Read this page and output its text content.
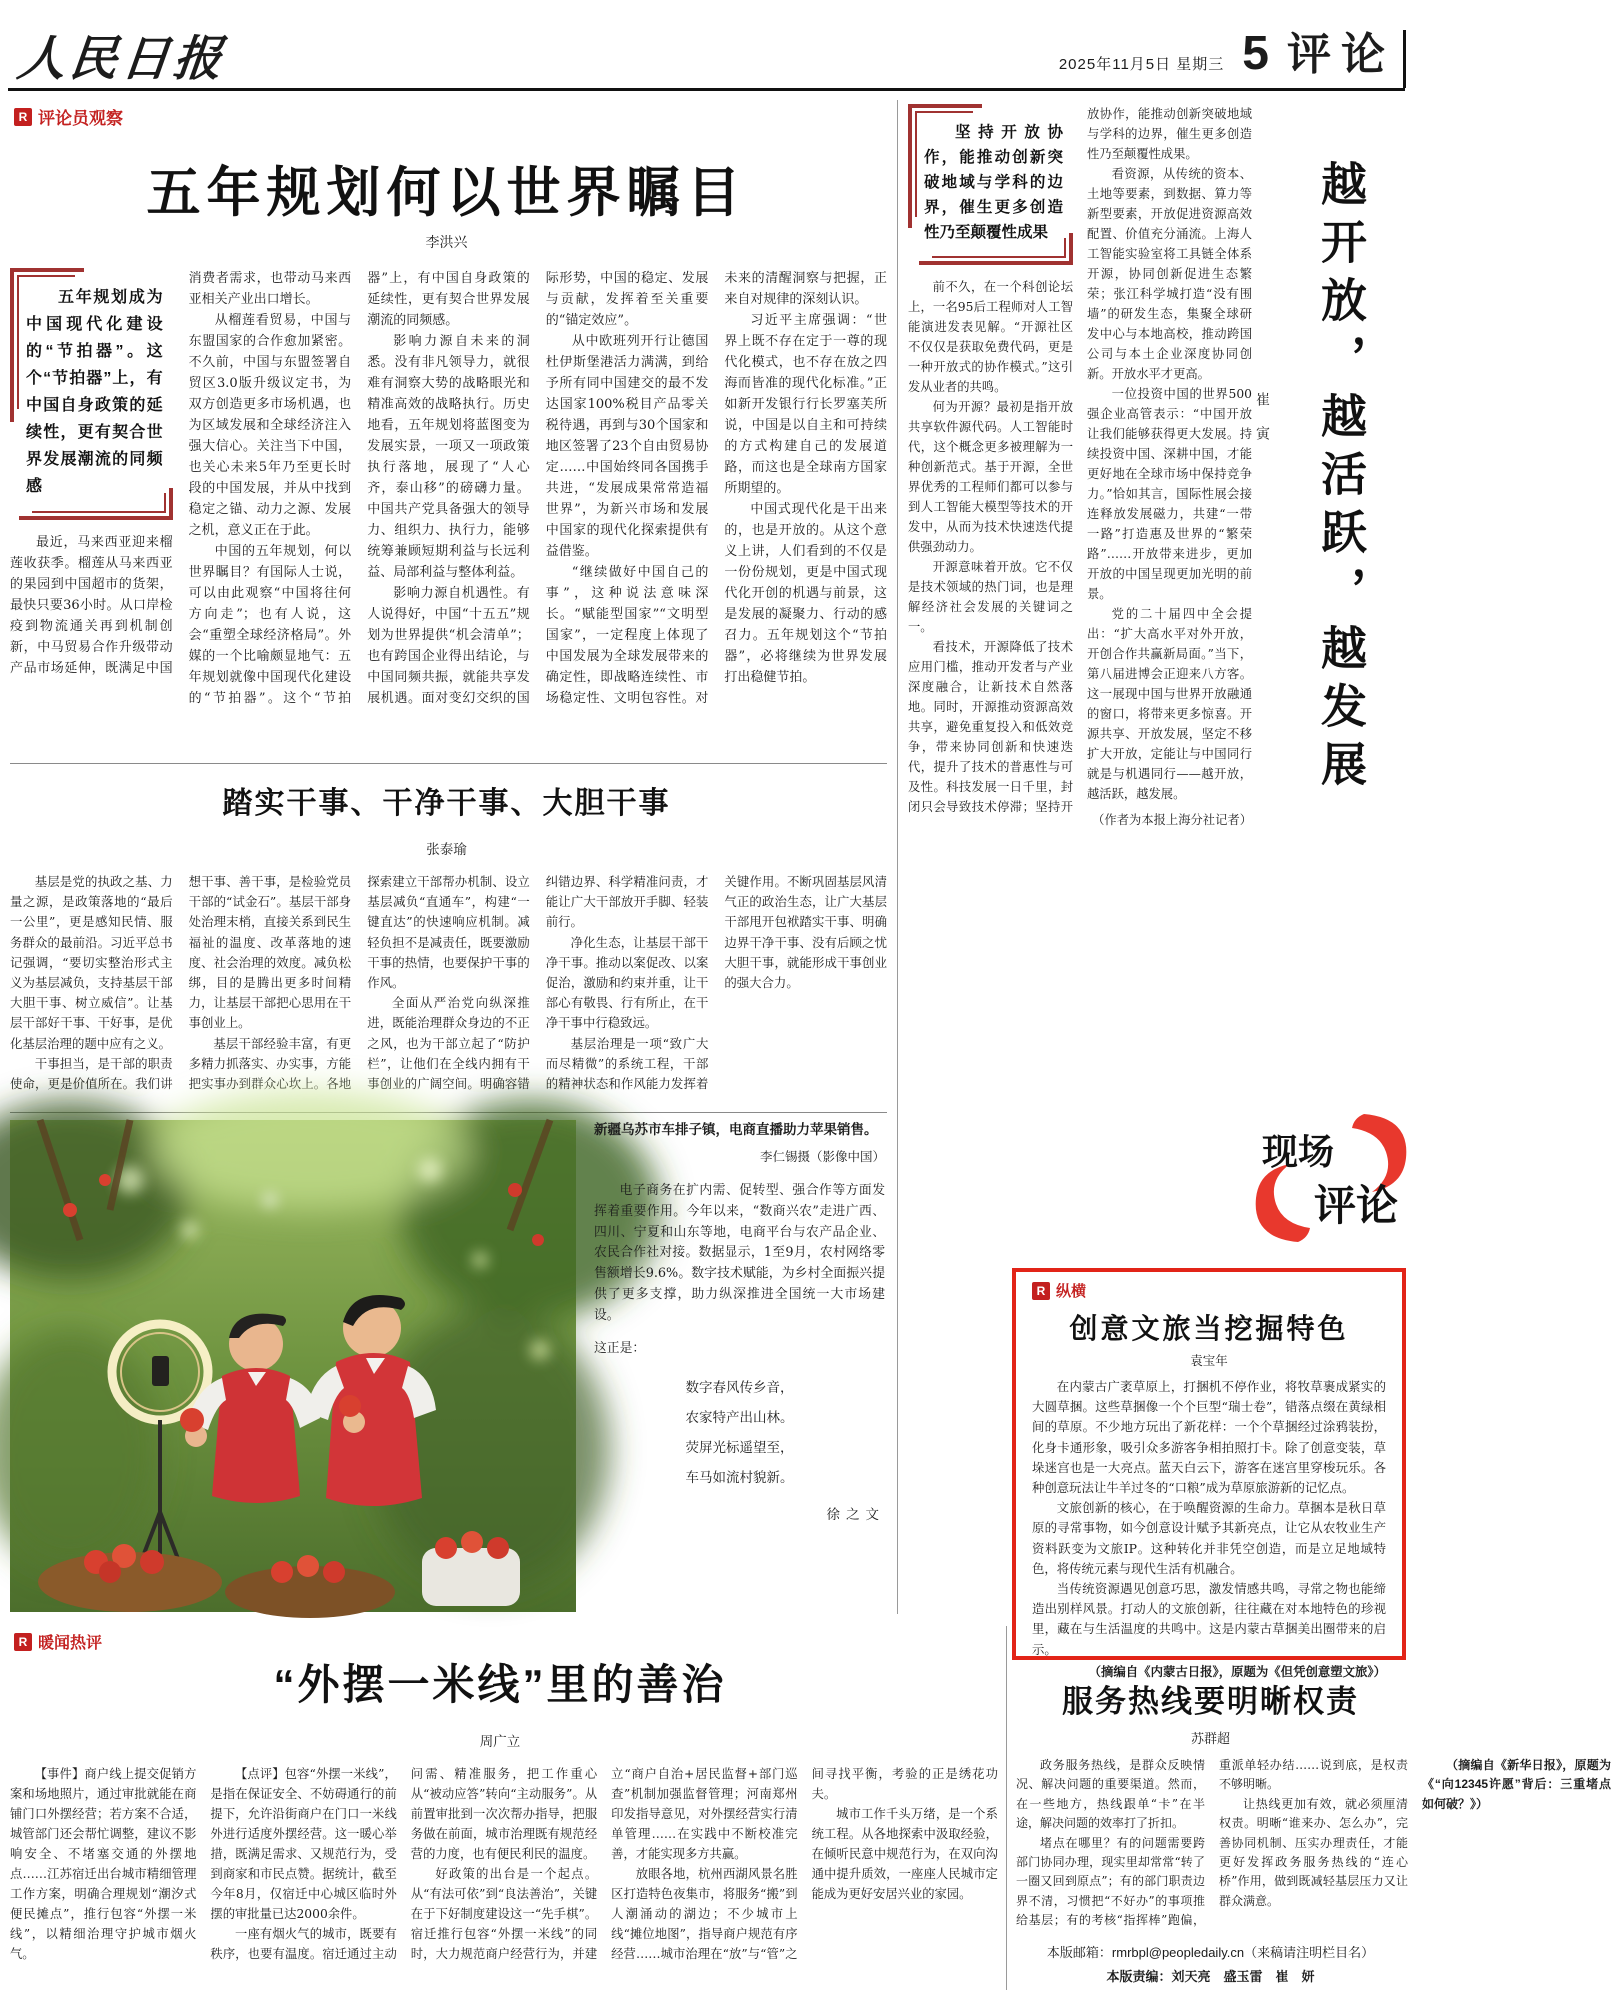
人民日报	2025年11月5日 星期三 5 评论
R 评论员观察
五年规划何以世界瞩目
李洪兴

五年规划成为中国现代化建设的“节拍器”。这个“节拍器”上，有中国自身政策的延续性，更有契合世界发展潮流的同频感

最近，马来西亚迎来榴莲收获季。榴莲从马来西亚的果园到中国超市的货架，最快只要36小时。从口岸检疫到物流通关再到机制创新，中马贸易合作升级带动产品市场延伸，既满足中国消费者需求，也带动马来西亚相关产业出口增长。

从榴莲看贸易，中国与东盟国家的合作愈加紧密。不久前，中国与东盟签署自贸区3.0版升级议定书，为双方创造更多市场机遇，也为区域发展和全球经济注入强大信心。关注当下中国，也关心未来5年乃至更长时段的中国发展，并从中找到稳定之锚、动力之源、发展之机，意义正在于此。

中国的五年规划，何以世界瞩目？有国际人士说，可以由此观察“中国将往何方向走”；也有人说，这会“重塑全球经济格局”。外媒的一个比喻颇显地气：五年规划就像中国现代化建设的“节拍器”。这个“节拍器”上，有中国自身政策的延续性，更有契合世界发展潮流的同频感。

影响力源自未来的洞悉。没有非凡领导力，就很难有洞察大势的战略眼光和精准高效的战略执行。历史地看，五年规划将蓝图变为发展实景，一项又一项政策执行落地，展现了“人心齐，泰山移”的磅礴力量。中国共产党具备强大的领导力、组织力、执行力，能够统筹兼顾短期利益与长远利益、局部利益与整体利益。

影响力源自机遇性。有人说得好，中国“十五五”规划为世界提供“机会清单”；也有跨国企业得出结论，与中国同频共振，就能共享发展机遇。面对变幻交织的国际形势，中国的稳定、发展与贡献，发挥着至关重要的“锚定效应”。

从中欧班列开行让德国杜伊斯堡港活力满满，到给予所有同中国建交的最不发达国家100%税目产品零关税待遇，再到与30个国家和地区签署了23个自由贸易协定……中国始终同各国携手共进，“发展成果常常造福世界”，为新兴市场和发展中国家的现代化探索提供有益借鉴。

“继续做好中国自己的事”，这种说法意味深长。“赋能型国家”“文明型国家”，一定程度上体现了中国发展为全球发展带来的确定性，即战略连续性、市场稳定性、文明包容性。对未来的清醒洞察与把握，正来自对规律的深刻认识。

习近平主席强调：“世界上既不存在定于一尊的现代化模式，也不存在放之四海而皆准的现代化标准。”正如新开发银行行长罗塞芙所说，中国是以自主和可持续的方式构建自己的发展道路，而这也是全球南方国家所期望的。

中国式现代化是干出来的，也是开放的。从这个意义上讲，人们看到的不仅是一份份规划，更是中国式现代化开创的机遇与前景，这是发展的凝聚力、行动的感召力。五年规划这个“节拍器”，必将继续为世界发展打出稳健节拍。

踏实干事、干净干事、大胆干事
张泰瑜

基层是党的执政之基、力量之源，是政策落地的“最后一公里”，更是感知民情、服务群众的最前沿。习近平总书记强调，“要切实整治形式主义为基层减负，支持基层干部大胆干事、树立威信”。让基层干部好干事、干好事，是优化基层治理的题中应有之义。

干事担当，是干部的职责使命，更是价值所在。我们讲想干事、善干事，是检验党员干部的“试金石”。基层干部身处治理末梢，直接关系到民生福祉的温度、改革落地的速度、社会治理的效度。减负松绑，目的是腾出更多时间精力，让基层干部把心思用在干事创业上。

基层干部经验丰富，有更多精力抓落实、办实事，方能把实事办到群众心坎上。各地探索建立干部帮办机制、设立基层减负“直通车”，构建“一键直达”的快速响应机制。减轻负担不是减责任，既要激励干事的热情，也要保护干事的作风。

全面从严治党向纵深推进，既能治理群众身边的不正之风，也为干部立起了“防护栏”，让他们在全线内拥有干事创业的广阔空间。明确容错纠错边界、科学精准问责，才能让广大干部放开手脚、轻装前行。

净化生态，让基层干部干净干事。推动以案促改、以案促治，激励和约束并重，让干部心有敬畏、行有所止，在干净干事中行稳致远。

基层治理是一项“致广大而尽精微”的系统工程，干部的精神状态和作风能力发挥着关键作用。不断巩固基层风清气正的政治生态，让广大基层干部甩开包袱踏实干事、明确边界干净干事、没有后顾之忧大胆干事，就能形成干事创业的强大合力。

新疆乌苏市车排子镇，电商直播助力苹果销售。

李仁锡摄（影像中国）

电子商务在扩内需、促转型、强合作等方面发挥着重要作用。今年以来，“数商兴农”走进广西、四川、宁夏和山东等地，电商平台与农产品企业、农民合作社对接。数据显示，1至9月，农村网络零售额增长9.6%。数字技术赋能，为乡村全面振兴提供了更多支撑，助力纵深推进全国统一大市场建设。

这正是：

数字春风传乡音，
农家特产出山林。
荧屏光标遥望至，
车马如流村貌新。
徐之文

坚持开放协作，能推动创新突破地域与学科的边界，催生更多创造性乃至颠覆性成果

前不久，在一个科创论坛上，一名95后工程师对人工智能演进发表见解。“开源社区不仅仅是获取免费代码，更是一种开放式的协作模式。”这引发从业者的共鸣。

何为开源？最初是指开放共享软件源代码。人工智能时代，这个概念更多被理解为一种创新范式。基于开源，全世界优秀的工程师们都可以参与到人工智能大模型等技术的开发中，从而为技术快速迭代提供强劲动力。

开源意味着开放。它不仅是技术领域的热门词，也是理解经济社会发展的关键词之一。

看技术，开源降低了技术应用门槛，推动开发者与产业深度融合，让新技术自然落地。同时，开源推动资源高效共享，避免重复投入和低效竞争，带来协同创新和快速迭代，提升了技术的普惠性与可及性。科技发展一日千里，封闭只会导致技术停滞；坚持开放协作，能推动创新突破地域与学科的边界，催生更多创造性乃至颠覆性成果。

看资源，从传统的资本、土地等要素，到数据、算力等新型要素，开放促进资源高效配置、价值充分涌流。上海人工智能实验室将工具链全体系开源，协同创新促进生态繁荣；张江科学城打造“没有围墙”的研发生态，集聚全球研发中心与本地高校，推动跨国公司与本土企业深度协同创新。开放水平才更高。

一位投资中国的世界500强企业高管表示：“中国开放让我们能够获得更大发展。持续投资中国、深耕中国，才能更好地在全球市场中保持竞争力。”恰如其言，国际性展会接连释放发展磁力，共建“一带一路”打造惠及世界的“繁荣路”……开放带来进步，更加开放的中国呈现更加光明的前景。

党的二十届四中全会提出：“扩大高水平对外开放，开创合作共赢新局面。”当下，第八届进博会正迎来八方客。这一展现中国与世界开放融通的窗口，将带来更多惊喜。开源共享、开放发展，坚定不移扩大开放，定能让与中国同行就是与机遇同行——越开放，越活跃，越发展。

（作者为本报上海分社记者）

崔寅 越开放，越活跃，越发展
现场
评论
R 纵横
创意文旅当挖掘特色
袁宝年

在内蒙古广袤草原上，打捆机不停作业，将牧草裹成紧实的大圆草捆。这些草捆像一个个巨型“瑞士卷”，错落点缀在黄绿相间的草原。不少地方玩出了新花样：一个个草捆经过涂鸦装扮，化身卡通形象，吸引众多游客争相拍照打卡。除了创意变装，草垛迷宫也是一大亮点。蓝天白云下，游客在迷宫里穿梭玩乐。各种创意玩法让牛羊过冬的“口粮”成为草原旅游新的记忆点。

文旅创新的核心，在于唤醒资源的生命力。草捆本是秋日草原的寻常事物，如今创意设计赋予其新亮点，让它从农牧业生产资料跃变为文旅IP。这种转化并非凭空创造，而是立足地域特色，将传统元素与现代生活有机融合。

当传统资源遇见创意巧思，激发情感共鸣，寻常之物也能缔造出别样风景。打动人的文旅创新，往往藏在对本地特色的珍视里，藏在与生活温度的共鸣中。这是内蒙古草捆美出圈带来的启示。

（摘编自《内蒙古日报》，原题为《但凭创意塑文旅》）
服务热线要明晰权责
苏群超

政务服务热线，是群众反映情况、解决问题的重要渠道。然而，在一些地方，热线跟单“卡”在半途，解决问题的效率打了折扣。

堵点在哪里？有的问题需要跨部门协同办理，现实里却常常“转了一圈又回到原点”；有的部门职责边界不清，习惯把“不好办”的事项推给基层；有的考核“指挥棒”跑偏，重派单轻办结……说到底，是权责不够明晰。

让热线更加有效，就必须厘清权责。明晰“谁来办、怎么办”，完善协同机制、压实办理责任，才能更好发挥政务服务热线的“连心桥”作用，做到既减轻基层压力又让群众满意。

（摘编自《新华日报》，原题为《“向12345许愿”背后：三重堵点如何破？》）

本版邮箱：rmrbpl@peopledaily.cn（来稿请注明栏目名）
本版责编：刘天亮　盛玉雷　崔　妍
R 暖闻热评
“外摆一米线”里的善治
周广立

【事件】商户线上提交促销方案和场地照片，通过审批就能在商铺门口外摆经营；若方案不合适，城管部门还会帮忙调整，建议不影响安全、不堵塞交通的外摆地点……江苏宿迁出台城市精细管理工作方案，明确合理规划“潮汐式便民摊点”，推行包容“外摆一米线”，以精细治理守护城市烟火气。

【点评】包容“外摆一米线”，是指在保证安全、不妨碍通行的前提下，允许沿街商户在门口一米线外进行适度外摆经营。这一暖心举措，既满足需求、又规范行为，受到商家和市民点赞。据统计，截至今年8月，仅宿迁中心城区临时外摆的审批量已达2000余件。

一座有烟火气的城市，既要有秩序，也要有温度。宿迁通过主动问需、精准服务，把工作重心从“被动应答”转向“主动服务”。从前置审批到一次次帮办指导，把服务做在前面，城市治理既有规范经营的力度，也有便民利民的温度。

好政策的出台是一个起点。从“有法可依”到“良法善治”，关键在于下好制度建设这一“先手棋”。宿迁推行包容“外摆一米线”的同时，大力规范商户经营行为，并建立“商户自治+居民监督+部门巡查”机制加强监督管理；河南郑州印发指导意见，对外摆经营实行清单管理……在实践中不断校准完善，才能实现多方共赢。

放眼各地，杭州西湖风景名胜区打造特色夜集市，将服务“搬”到人潮涌动的湖边；不少城市上线“摊位地图”，指导商户规范有序经营……城市治理在“放”与“管”之间寻找平衡，考验的正是绣花功夫。

城市工作千头万绪，是一个系统工程。从各地探索中汲取经验，在倾听民意中规范行为，在双向沟通中提升质效，一座座人民城市定能成为更好安居兴业的家园。
